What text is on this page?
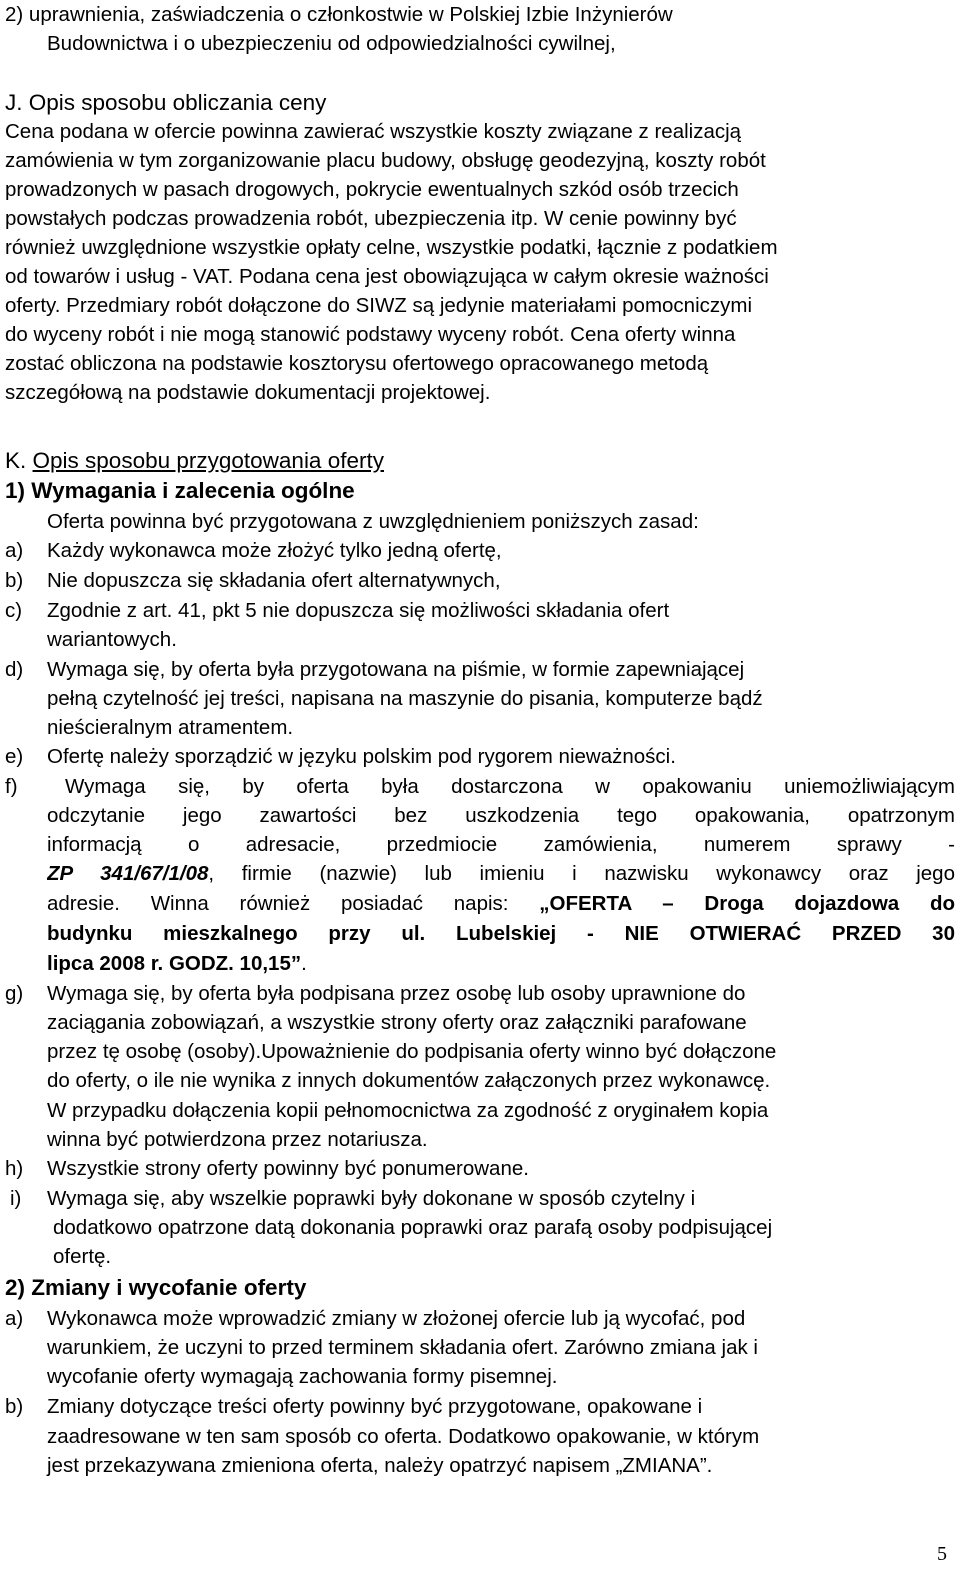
2) uprawnienia, zaświadczenia o członkostwie w Polskiej Izbie Inżynierów
Budownictwa i o ubezpieczeniu od odpowiedzialności cywilnej,
J. Opis sposobu obliczania ceny
Cena podana w ofercie powinna zawierać wszystkie koszty związane z realizacją
zamówienia w tym zorganizowanie placu budowy, obsługę geodezyjną, koszty robót
prowadzonych w pasach drogowych, pokrycie ewentualnych szkód osób trzecich
powstałych podczas prowadzenia robót, ubezpieczenia itp. W cenie powinny być
również uwzględnione wszystkie opłaty celne, wszystkie podatki, łącznie z podatkiem
od towarów i usług - VAT. Podana cena jest obowiązująca w całym okresie ważności
oferty. Przedmiary robót dołączone do SIWZ są jedynie materiałami pomocniczymi
do wyceny robót i nie mogą stanowić podstawy wyceny robót. Cena oferty winna
zostać obliczona na podstawie kosztorysu ofertowego opracowanego metodą
szczegółową na podstawie dokumentacji projektowej.
K. Opis sposobu przygotowania oferty
1) Wymagania i zalecenia ogólne
Oferta powinna być przygotowana z uwzględnieniem poniższych zasad:
a) Każdy wykonawca może złożyć tylko jedną ofertę,
b) Nie dopuszcza się składania ofert alternatywnych,
c) Zgodnie z art. 41, pkt 5 nie dopuszcza się możliwości składania ofert
wariantowych.
d) Wymaga się, by oferta była przygotowana na piśmie, w formie zapewniającej
pełną czytelność jej treści, napisana na maszynie do pisania, komputerze bądź
nieścieralnym atramentem.
e) Ofertę należy sporządzić w języku polskim pod rygorem nieważności.
f) Wymaga się, by oferta była dostarczona w opakowaniu uniemożliwiającym
odczytanie jego zawartości bez uszkodzenia tego opakowania, opatrzonym
informacją o adresacie, przedmiocie zamówienia, numerem sprawy -
ZP 341/67/1/08, firmie (nazwie) lub imieniu i nazwisku wykonawcy oraz jego
adresie. Winna również posiadać napis: „OFERTA – Droga dojazdowa do
budynku mieszkalnego przy ul. Lubelskiej - NIE OTWIERAĆ PRZED 30
lipca 2008 r. GODZ. 10,15”.
g) Wymaga się, by oferta była podpisana przez osobę lub osoby uprawnione do
zaciągania zobowiązań, a wszystkie strony oferty oraz załączniki parafowane
przez tę osobę (osoby).Upoważnienie do podpisania oferty winno być dołączone
do oferty, o ile nie wynika z innych dokumentów załączonych przez wykonawcę.
W przypadku dołączenia kopii pełnomocnictwa za zgodność z oryginałem kopia
winna być potwierdzona przez notariusza.
h) Wszystkie strony oferty powinny być ponumerowane.
i) Wymaga się, aby wszelkie poprawki były dokonane w sposób czytelny i
dodatkowo opatrzone datą dokonania poprawki oraz parafą osoby podpisującej
ofertę.
2) Zmiany i wycofanie oferty
a) Wykonawca może wprowadzić zmiany w złożonej ofercie lub ją wycofać, pod
warunkiem, że uczyni to przed terminem składania ofert. Zarówno zmiana jak i
wycofanie oferty wymagają zachowania formy pisemnej.
b) Zmiany dotyczące treści oferty powinny być przygotowane, opakowane i
zaadresowane w ten sam sposób co oferta. Dodatkowo opakowanie, w którym
jest przekazywana zmieniona oferta, należy opatrzyć napisem „ZMIANA”.
5
